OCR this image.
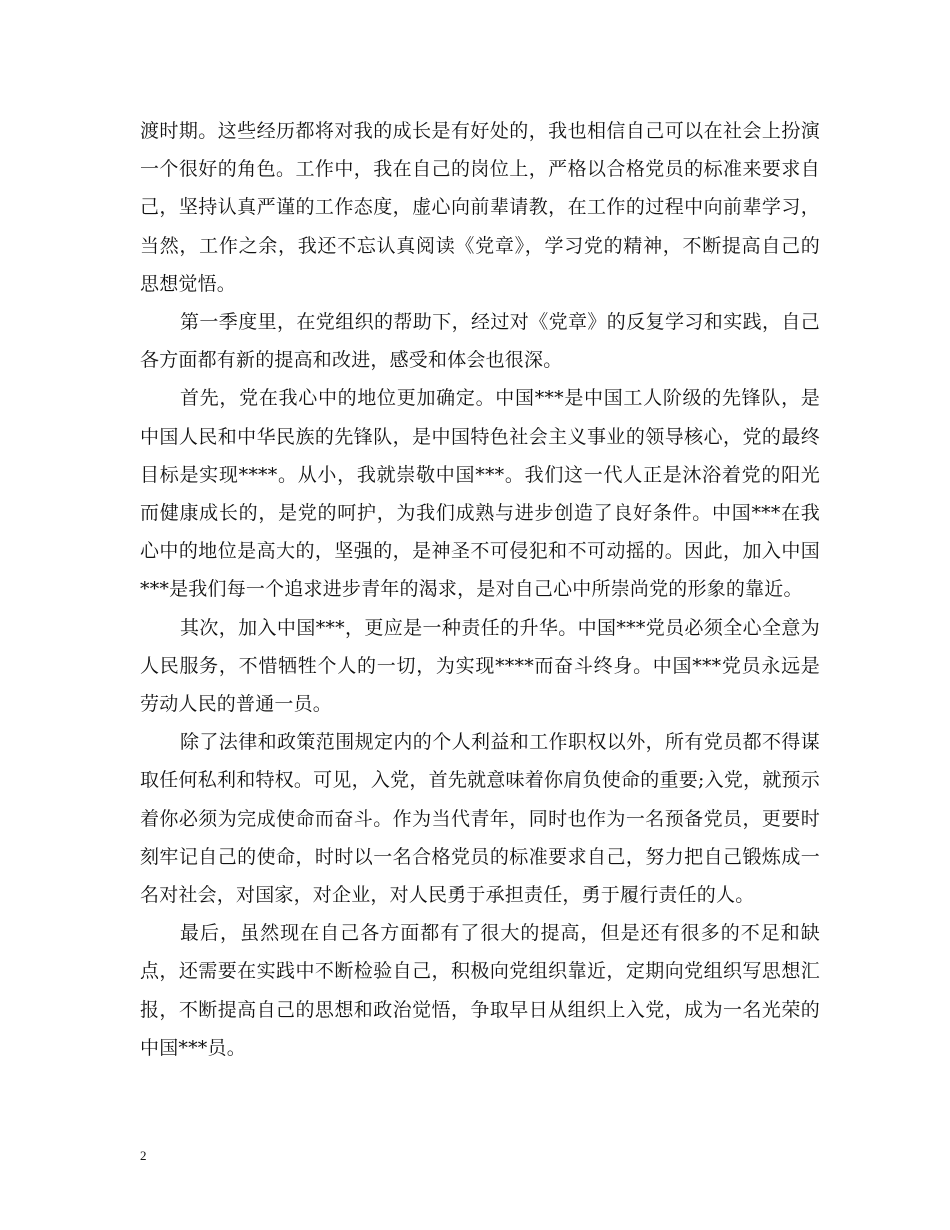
渡时期。这些经历都将对我的成长是有好处的，我也相信自己可以在社会上扮演一个很好的角色。工作中，我在自己的岗位上，严格以合格党员的标准来要求自己，坚持认真严谨的工作态度，虚心向前辈请教，在工作的过程中向前辈学习，当然，工作之余，我还不忘认真阅读《党章》，学习党的精神，不断提高自己的思想觉悟。

第一季度里，在党组织的帮助下，经过对《党章》的反复学习和实践，自己各方面都有新的提高和改进，感受和体会也很深。

首先，党在我心中的地位更加确定。中国***是中国工人阶级的先锋队，是中国人民和中华民族的先锋队，是中国特色社会主义事业的领导核心，党的最终目标是实现****。从小，我就崇敬中国***。我们这一代人正是沐浴着党的阳光而健康成长的，是党的呵护，为我们成熟与进步创造了良好条件。中国***在我心中的地位是高大的，坚强的，是神圣不可侵犯和不可动摇的。因此，加入中国***是我们每一个追求进步青年的渴求，是对自己心中所崇尚党的形象的靠近。

其次，加入中国***，更应是一种责任的升华。中国***党员必须全心全意为人民服务，不惜牺牲个人的一切，为实现****而奋斗终身。中国***党员永远是劳动人民的普通一员。

除了法律和政策范围规定内的个人利益和工作职权以外，所有党员都不得谋取任何私利和特权。可见，入党，首先就意味着你肩负使命的重要;入党，就预示着你必须为完成使命而奋斗。作为当代青年，同时也作为一名预备党员，更要时刻牢记自己的使命，时时以一名合格党员的标准要求自己，努力把自己锻炼成一名对社会，对国家，对企业，对人民勇于承担责任，勇于履行责任的人。

最后，虽然现在自己各方面都有了很大的提高，但是还有很多的不足和缺点，还需要在实践中不断检验自己，积极向党组织靠近，定期向党组织写思想汇报，不断提高自己的思想和政治觉悟，争取早日从组织上入党，成为一名光荣的中国***员。

2
